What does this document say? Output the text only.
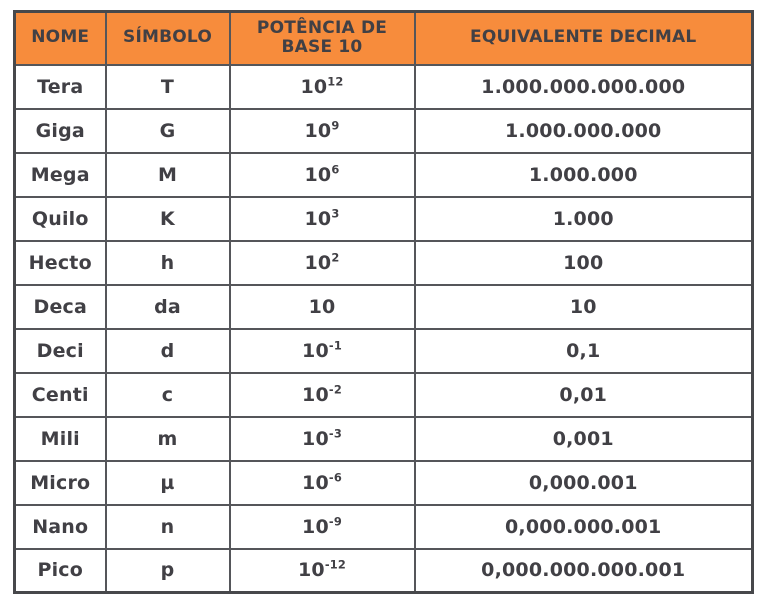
NOME	SÍMBOLO	POTÊNCIA DE BASE 10	EQUIVALENTE DECIMAL
Tera	T	$10^{12}$	1.000.000.000.000
Giga	G	$10^9$	1.000.000.000
Mega	M	$10^6$	1.000.000
Quilo	K	$10^3$	1.000
Hecto	h	$10^2$	100
Deca	da	10	10
Deci	d	$10^{-1}$	0,1
Centi	c	$10^{-2}$	0,01
Mili	m	$10^{-3}$	0,001
Micro	µ	$10^{-6}$	0,000.001
Nano	n	$10^{-9}$	0,000.000.001
Pico	p	$10^{-12}$	0,000.000.000.001
